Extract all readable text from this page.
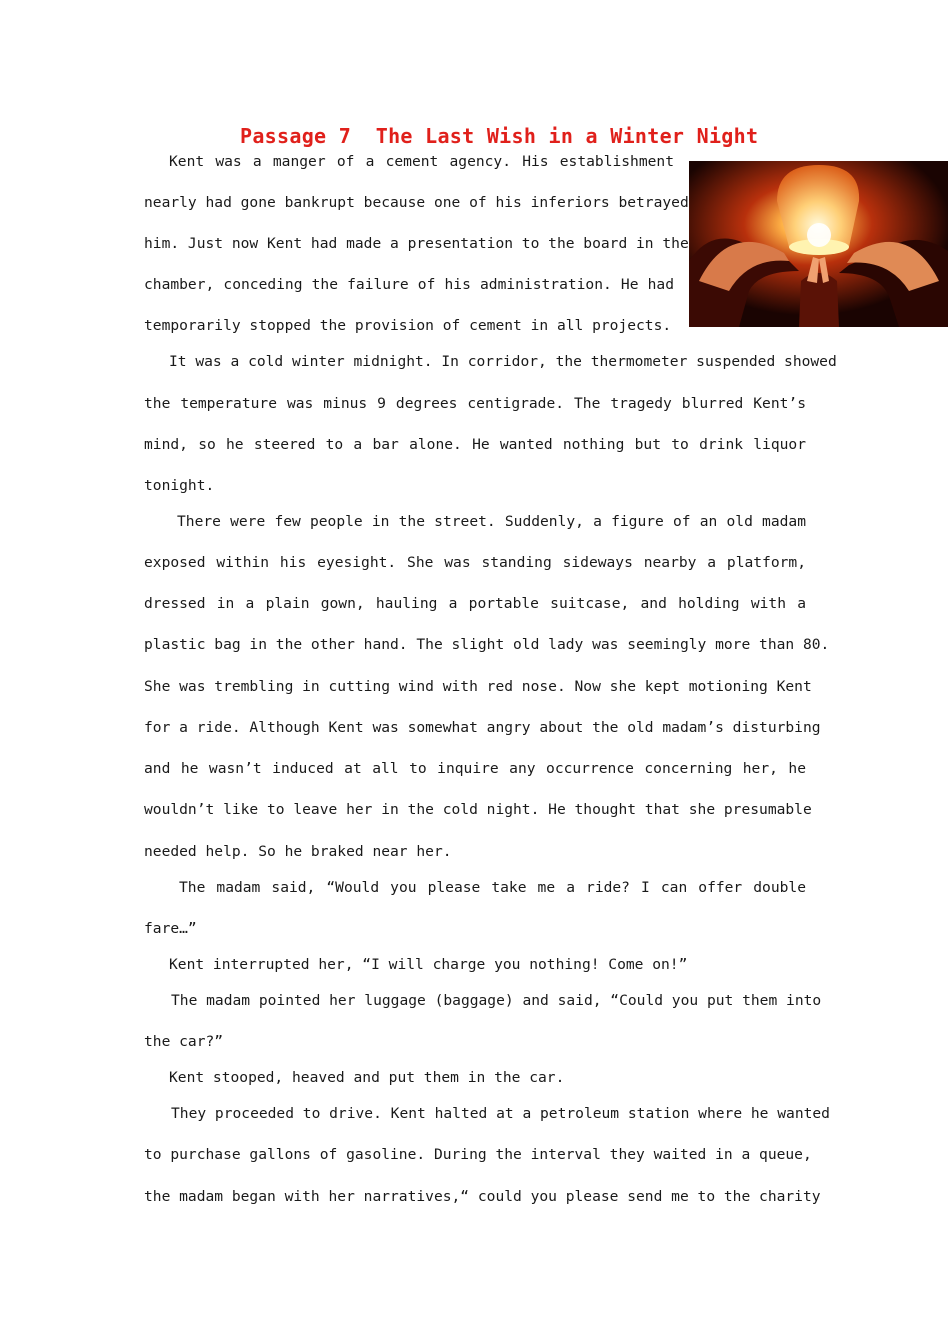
Passage 7  The Last Wish in a Winter Night
Kent was a manger of a cement agency. His establishment
nearly had gone bankrupt because one of his inferiors betrayed
him. Just now Kent had made a presentation to the board in the
chamber, conceding the failure of his administration. He had
temporarily stopped the provision of cement in all projects.
It was a cold winter midnight. In corridor, the thermometer suspended showed
the temperature was minus 9 degrees centigrade. The tragedy blurred Kent’s
mind, so he steered to a bar alone. He wanted nothing but to drink liquor
tonight.
There were few people in the street. Suddenly, a figure of an old madam
exposed within his eyesight. She was standing sideways nearby a platform,
dressed in a plain gown, hauling a portable suitcase, and holding with a
plastic bag in the other hand. The slight old lady was seemingly more than 80.
She was trembling in cutting wind with red nose. Now she kept motioning Kent
for a ride. Although Kent was somewhat angry about the old madam’s disturbing
and he wasn’t induced at all to inquire any occurrence concerning her, he
wouldn’t like to leave her in the cold night. He thought that she presumable
needed help. So he braked near her.
The madam said, “Would you please take me a ride? I can offer double
fare…”
Kent interrupted her, “I will charge you nothing! Come on!”
The madam pointed her luggage (baggage) and said, “Could you put them into
the car?”
Kent stooped, heaved and put them in the car.
They proceeded to drive. Kent halted at a petroleum station where he wanted
to purchase gallons of gasoline. During the interval they waited in a queue,
the madam began with her narratives,“ could you please send me to the charity
